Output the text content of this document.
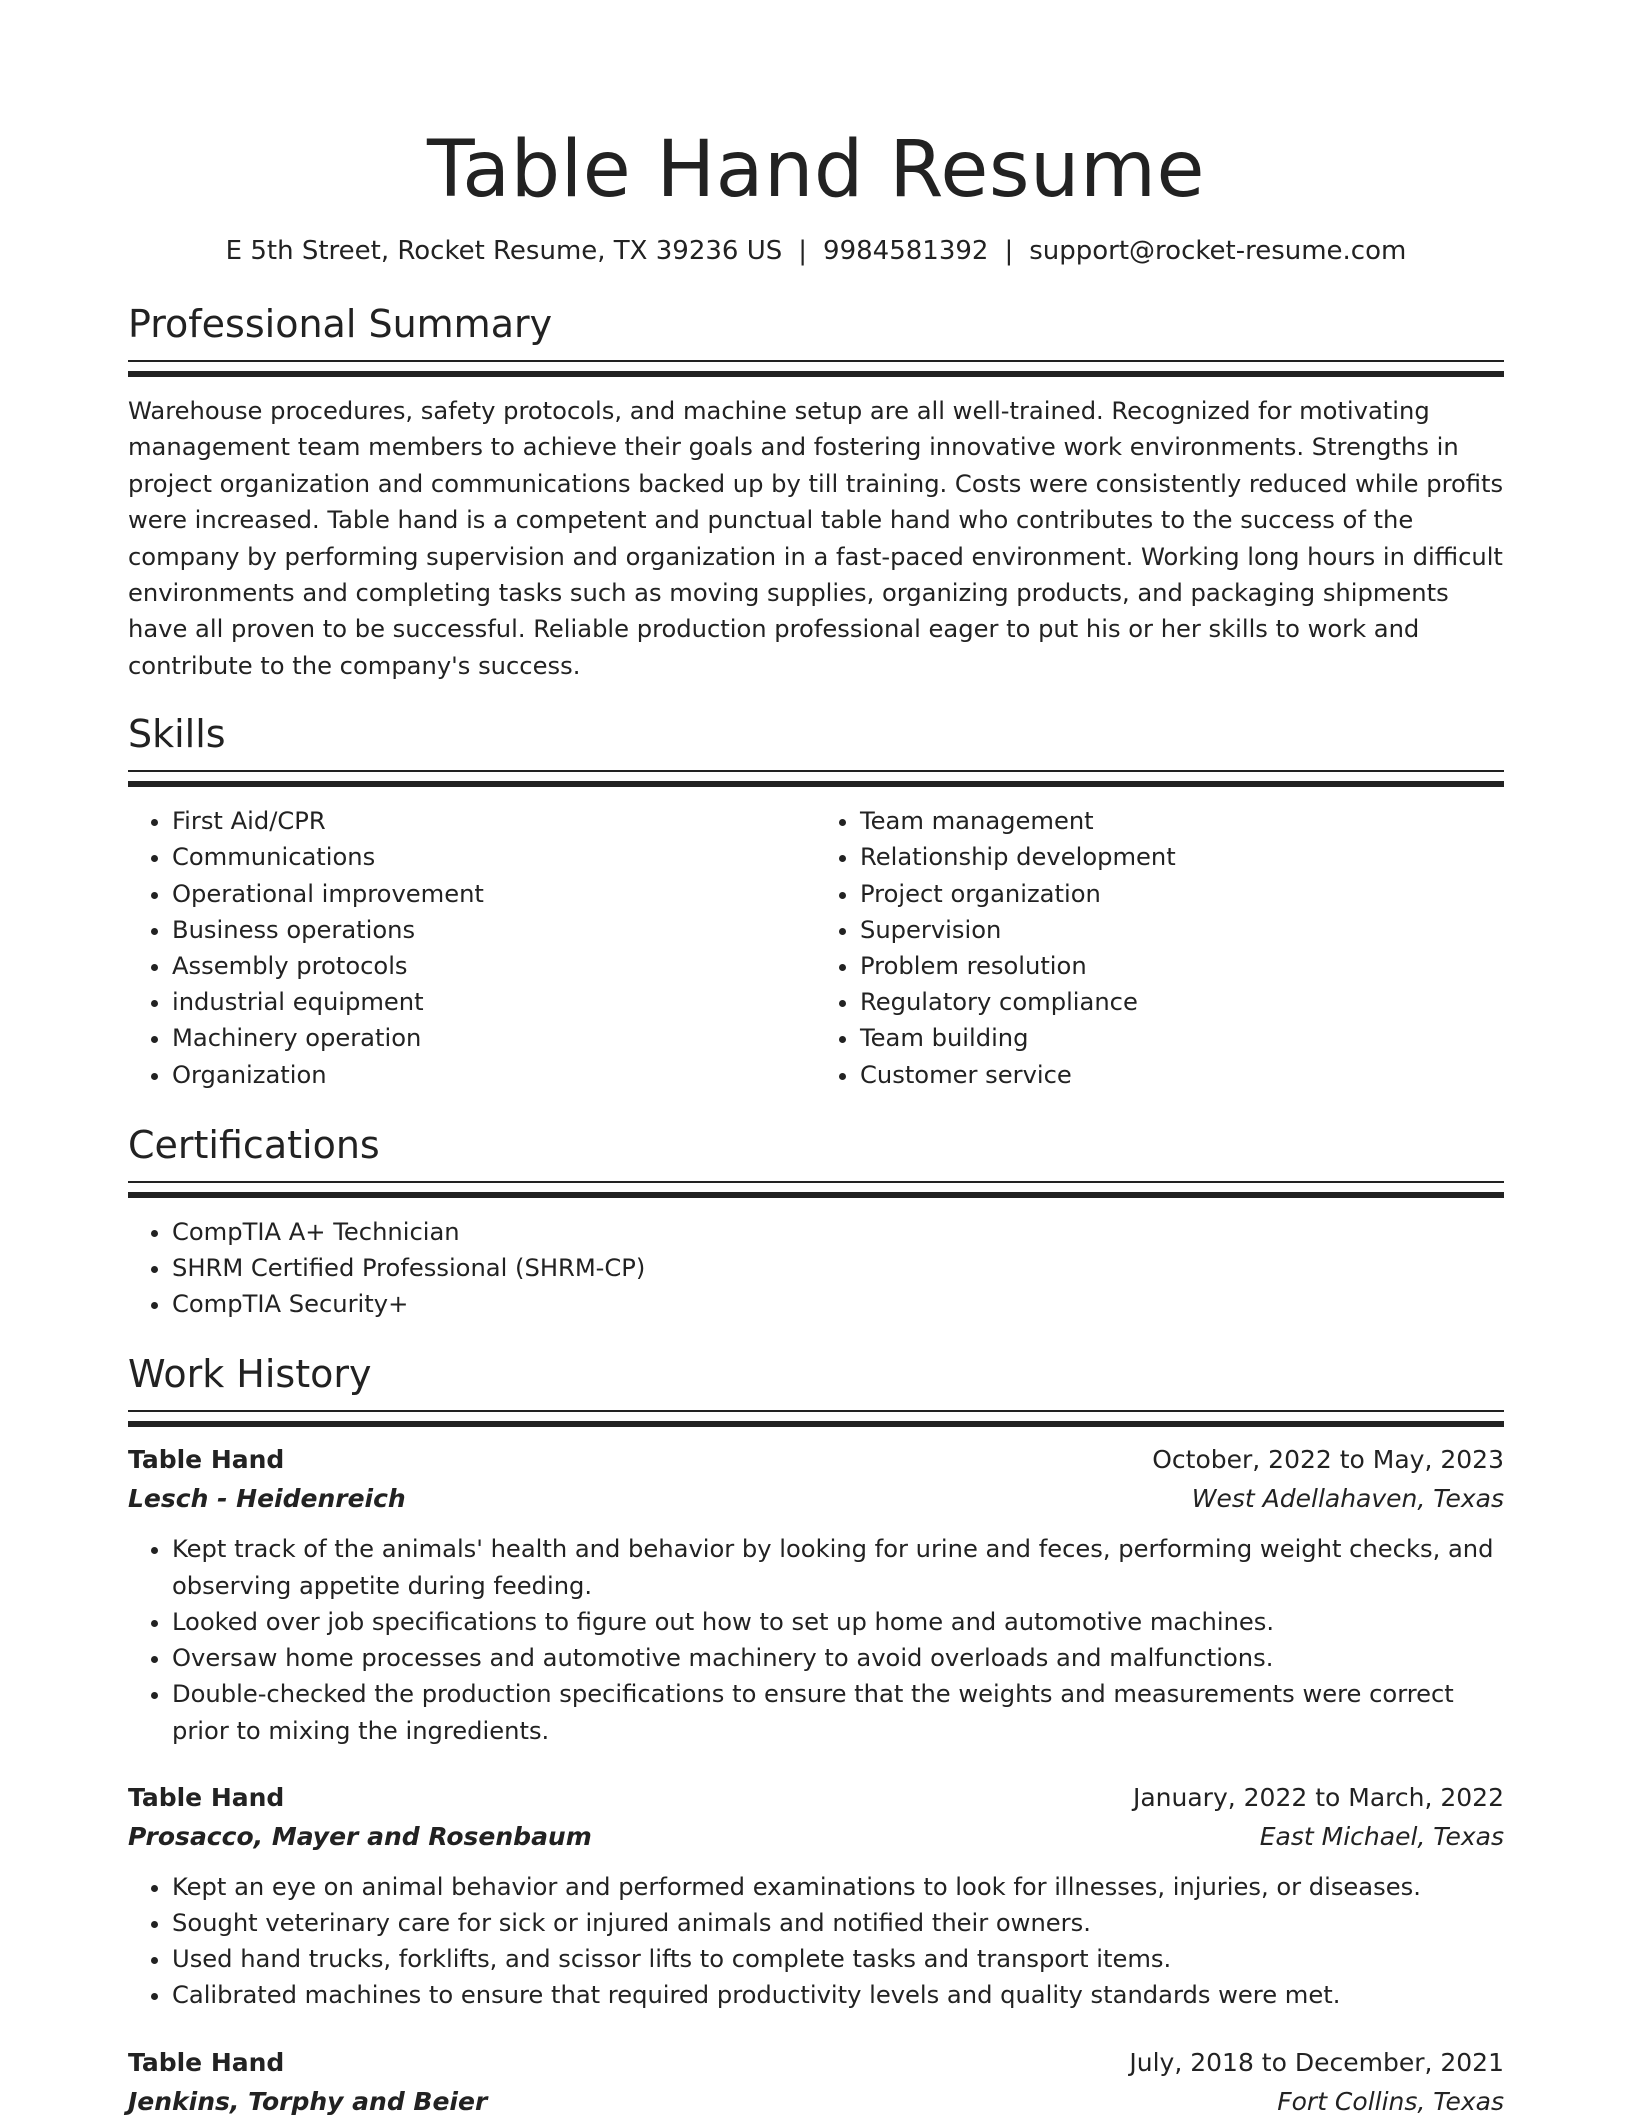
Table Hand Resume
E 5th Street, Rocket Resume, TX 39236 US | 9984581392 | support@rocket-resume.com
Professional Summary

Warehouse procedures, safety protocols, and machine setup are all well-trained. Recognized for motivating management team members to achieve their goals and fostering innovative work environments. Strengths in project organization and communications backed up by till training. Costs were consistently reduced while profits were increased. Table hand is a competent and punctual table hand who contributes to the success of the company by performing supervision and organization in a fast-paced environment. Working long hours in difficult environments and completing tasks such as moving supplies, organizing products, and packaging shipments have all proven to be successful. Reliable production professional eager to put his or her skills to work and contribute to the company's success.

Skills
• First Aid/CPR
• Communications
• Operational improvement
• Business operations
• Assembly protocols
• industrial equipment
• Machinery operation
• Organization
• Team management
• Relationship development
• Project organization
• Supervision
• Problem resolution
• Regulatory compliance
• Team building
• Customer service
Certifications
• CompTIA A+ Technician
• SHRM Certified Professional (SHRM-CP)
• CompTIA Security+
Work History
Table Hand	October, 2022 to May, 2023
Lesch - Heidenreich	West Adellahaven, Texas
• Kept track of the animals' health and behavior by looking for urine and feces, performing weight checks, and observing appetite during feeding.
• Looked over job specifications to figure out how to set up home and automotive machines.
• Oversaw home processes and automotive machinery to avoid overloads and malfunctions.
• Double-checked the production specifications to ensure that the weights and measurements were correct prior to mixing the ingredients.
Table Hand	January, 2022 to March, 2022
Prosacco, Mayer and Rosenbaum	East Michael, Texas
• Kept an eye on animal behavior and performed examinations to look for illnesses, injuries, or diseases.
• Sought veterinary care for sick or injured animals and notified their owners.
• Used hand trucks, forklifts, and scissor lifts to complete tasks and transport items.
• Calibrated machines to ensure that required productivity levels and quality standards were met.
Table Hand	July, 2018 to December, 2021
Jenkins, Torphy and Beier	Fort Collins, Texas
